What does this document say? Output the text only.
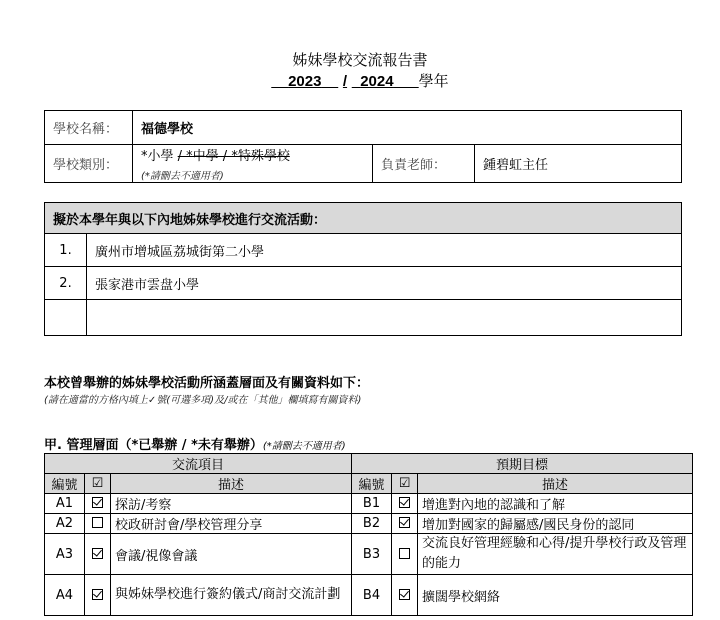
姊妹學校交流報告書
__2023__ / _2024___學年
學校名稱：	福德學校		
學校類別：	*小學 / *中學 / *特殊學校
(*請刪去不適用者)	負責老師：	鍾碧虹主任
擬於本學年與以下內地姊妹學校進行交流活動：	
1.	廣州市增城區荔城街第二小學
2.	張家港市雲盘小學

本校曾舉辦的姊妹學校活動所涵蓋層面及有關資料如下：
(請在適當的方格內填上✓號(可選多項)及/或在「其他」欄填寫有關資料)
甲. 管理層面（*已舉辦 / *未有舉辦）(*請刪去不適用者)
交流項目			預期目標		
編號	☑	描述	編號	☑	描述
A1		探訪/考察	B1		增進對內地的認識和了解
A2		校政研討會/學校管理分享	B2		增加對國家的歸屬感/國民身份的認同
A3		會議/視像會議	B3		交流良好管理經驗和心得/提升學校行政及管理的能力
A4		與姊妹學校進行簽約儀式/商討交流計劃	B4		擴闊學校網絡
